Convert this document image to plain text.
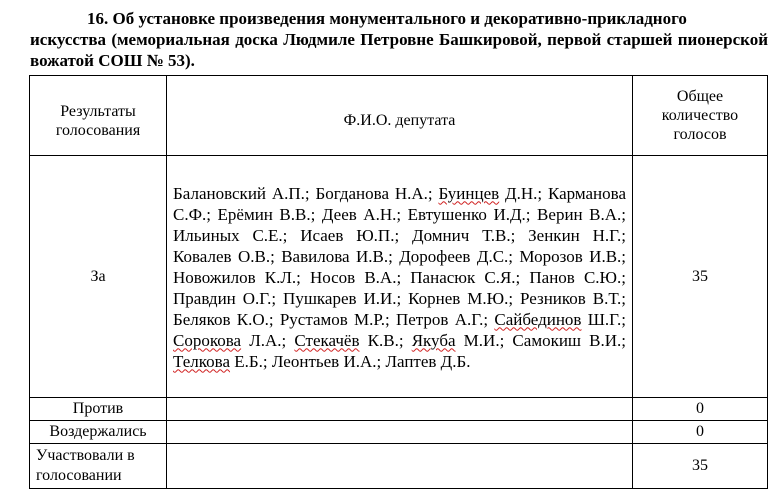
16. Об установке произведения монументального и декоративно-прикладного
искусства (мемориальная доска Людмиле Петровне Башкировой, первой старшей пионерской вожатой СОШ № 53).
Результаты голосования	Ф.И.О. депутата	Общее количество голосов
За	Балановский А.П.; Богданова Н.А.; Буинцев Д.Н.; Карманова С.Ф.; Ерёмин В.В.; Деев А.Н.; Евтушенко И.Д.; Верин В.А.; Ильиных С.Е.; Исаев Ю.П.; Домнич Т.В.; Зенкин Н.Г.; Ковалев О.В.; Вавилова И.В.; Дорофеев Д.С.; Морозов И.В.; Новожилов К.Л.; Носов В.А.; Панасюк С.Я.; Панов С.Ю.; Правдин О.Г.; Пушкарев И.И.; Корнев М.Ю.; Резников В.Т.; Беляков К.О.; Рустамов М.Р.; Петров А.Г.; Сайбединов Ш.Г.; Сорокова Л.А.; Стекачёв К.В.; Якуба М.И.; Самокиш В.И.; Телкова Е.Б.; Леонтьев И.А.; Лаптев Д.Б.	35
Против		0
Воздержались		0
Участвовали в голосовании		35
